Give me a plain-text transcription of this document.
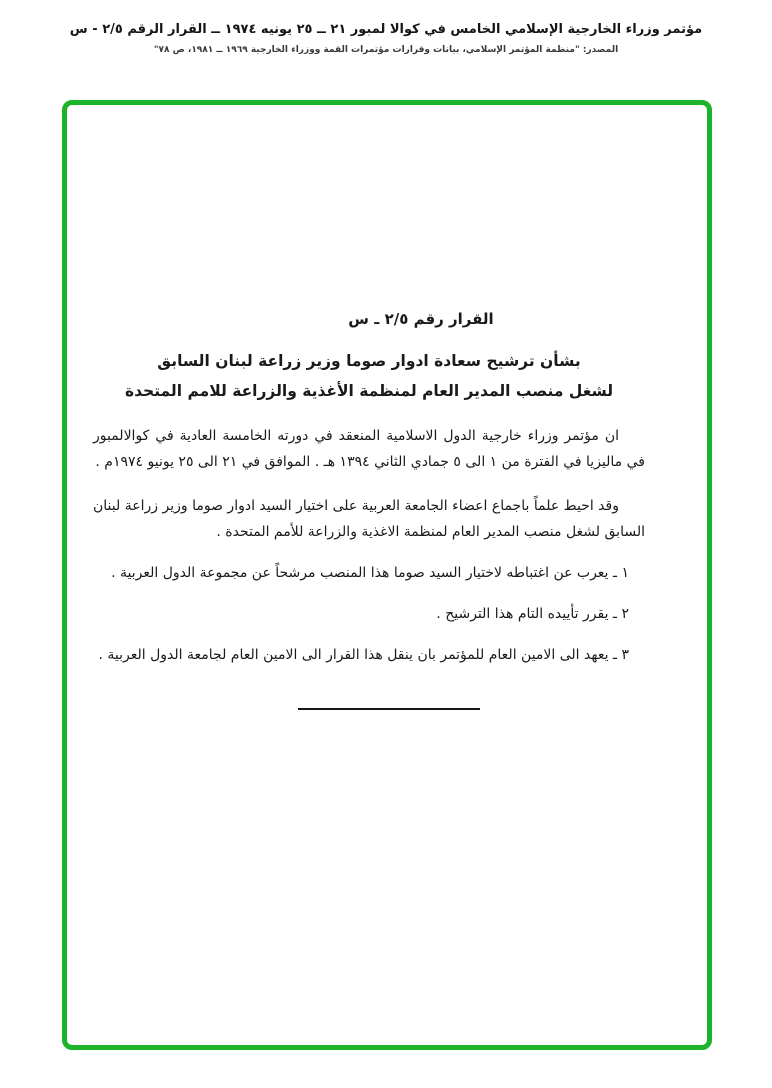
مؤتمر وزراء الخارجية الإسلامي الخامس في كوالا لمبور ٢١ ــ ٢٥ يونيه ١٩٧٤ ــ القرار الرقم ٢/٥ - س
المصدر: "منظمة المؤتمر الإسلامي، بيانات وقرارات مؤتمرات القمة ووزراء الخارجية ١٩٦٩ ــ ١٩٨١، ص ٧٨"
القرار رقم ٢/٥ ـ س
بشأن ترشيح سعادة ادوار صوما وزير زراعة لبنان السابق
لشغل منصب المدير العام لمنظمة الأغذية والزراعة للامم المتحدة

ان مؤتمر وزراء خارجية الدول الاسلامية المنعقد في دورته الخامسة العادية في كوالالمبور في ماليزيا في الفترة من ١ الى ٥ جمادي الثاني ١٣٩٤ هـ . الموافق في ٢١ الى ٢٥ يونيو ١٩٧٤م .

وقد احيط علماً باجماع اعضاء الجامعة العربية على اختيار السيد ادوار صوما وزير زراعة لبنان السابق لشغل منصب المدير العام لمنظمة الاغذية والزراعة للأمم المتحدة .

١ ـ يعرب عن اغتباطه لاختيار السيد صوما هذا المنصب مرشحاً عن مجموعة الدول العربية .
٢ ـ يقرر تأييده التام هذا الترشيح .
٣ ـ يعهد الى الامين العام للمؤتمر بان ينقل هذا القرار الى الامين العام لجامعة الدول العربية .
